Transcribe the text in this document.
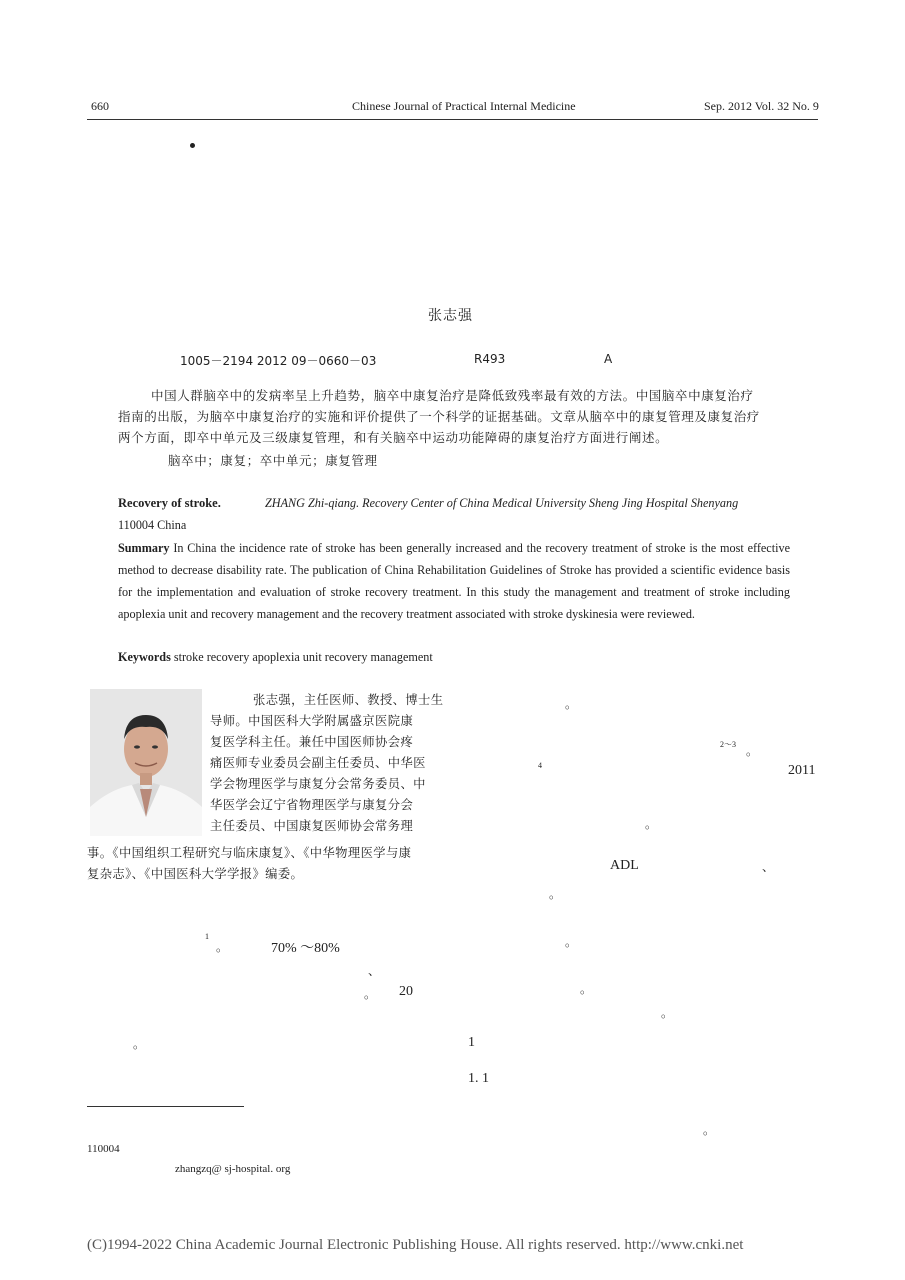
660	Chinese Journal of Practical Internal Medicine	Sep. 2012 Vol. 32 No. 9
张志强
1005－2194 2012 09－0660－03	R493	A
中国人群脑卒中的发病率呈上升趋势，脑卒中康复治疗是降低致残率最有效的方法。中国脑卒中康复治疗
指南的出版，为脑卒中康复治疗的实施和评价提供了一个科学的证据基础。文章从脑卒中的康复管理及康复治疗
两个方面，即卒中单元及三级康复管理，和有关脑卒中运动功能障碍的康复治疗方面进行阐述。
脑卒中；康复；卒中单元；康复管理
Recovery of stroke.	ZHANG Zhi-qiang. Recovery Center of China Medical University Sheng Jing Hospital Shenyang
110004 China
Summary In China the incidence rate of stroke has been generally increased and the recovery treatment of stroke is the most effective method to decrease disability rate. The publication of China Rehabilitation Guidelines of Stroke has provided a scientific evidence basis for the implementation and evaluation of stroke recovery treatment. In this study the management and treatment of stroke including apoplexia unit and recovery management and the recovery treatment associated with stroke dyskinesia were reviewed.
Keywords stroke recovery apoplexia unit recovery management
张志强，主任医师、教授、博士生
导师。中国医科大学附属盛京医院康
复医学科主任。兼任中国医师协会疼
痛医师专业委员会副主任委员、中华医
学会物理医学与康复分会常务委员、中
华医学会辽宁省物理医学与康复分会
主任委员、中国康复医师协会常务理
事。《中国组织工程研究与临床康复》、《中华物理医学与康
复杂志》、《中国医科大学学报》编委。
1
。	70% ～80%
、
。 20
。
。
2～3 。
4	2011
。
ADL	、
。
。
。
。
1
1. 1
。
110004
zhangzq@ sj-hospital. org
(C)1994-2022 China Academic Journal Electronic Publishing House. All rights reserved. http://www.cnki.net
